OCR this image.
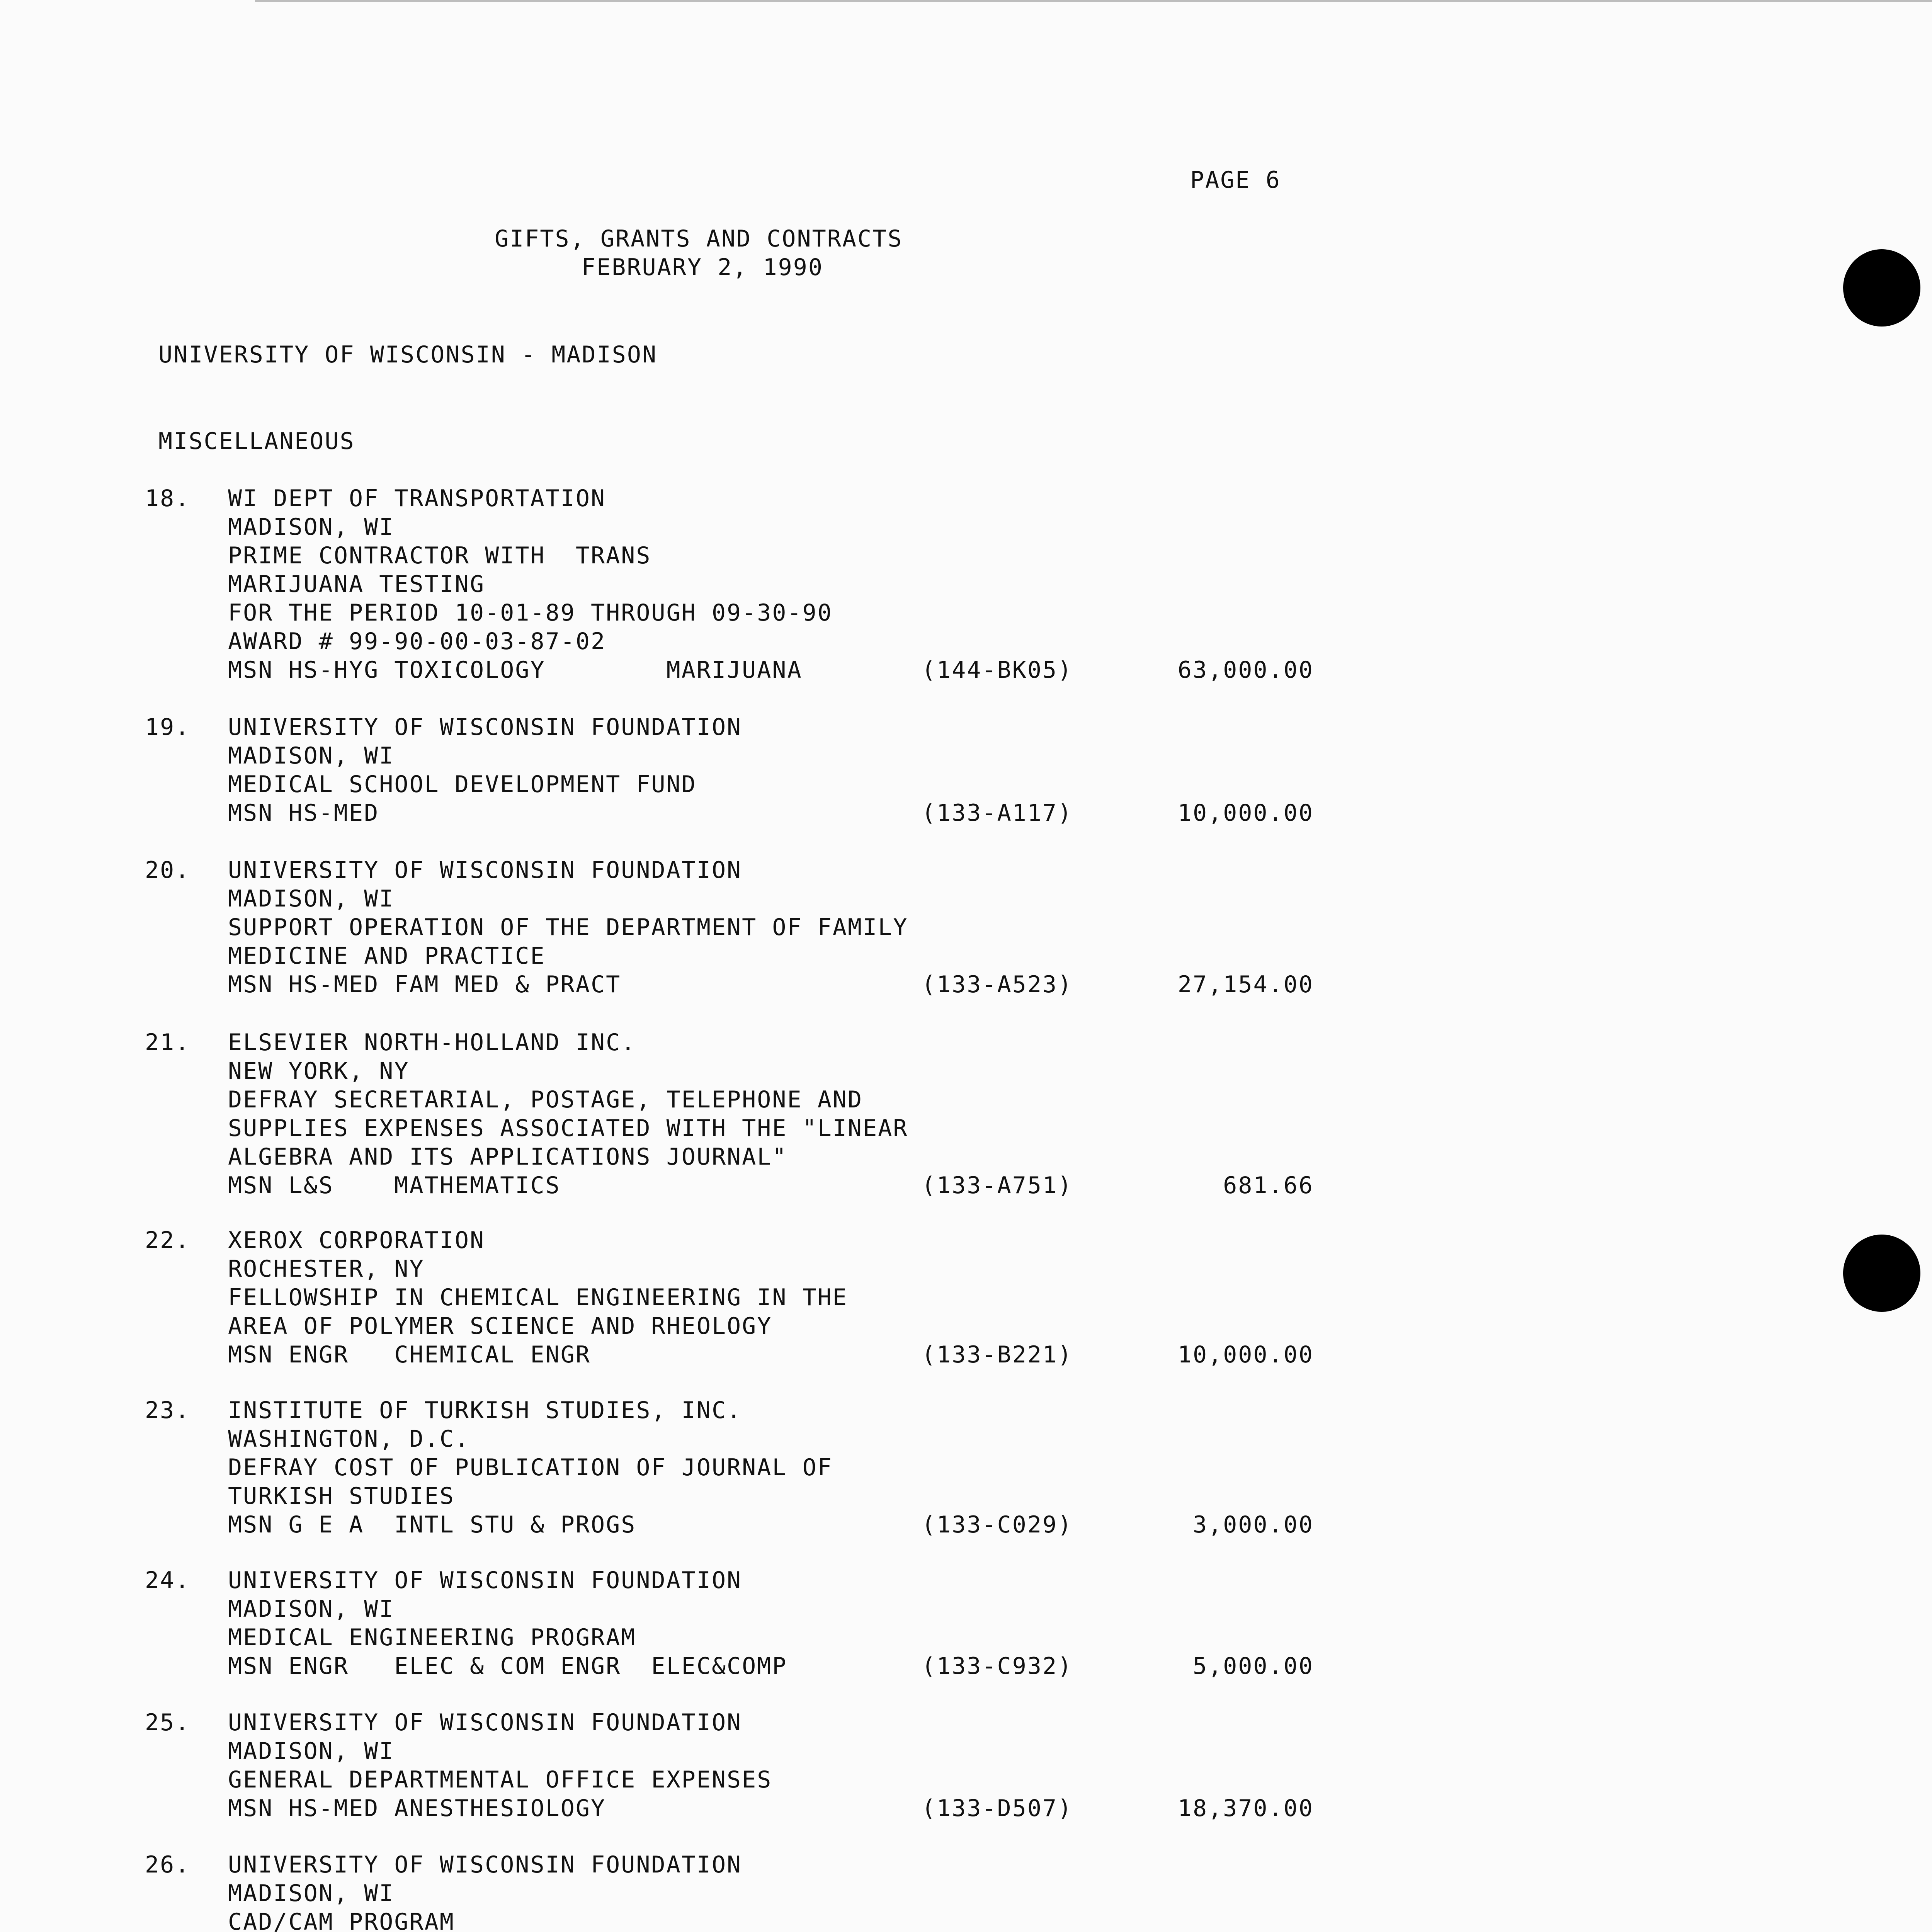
PAGE 6
GIFTS, GRANTS AND CONTRACTS
FEBRUARY 2, 1990
UNIVERSITY OF WISCONSIN - MADISON
MISCELLANEOUS
18. WI DEPT OF TRANSPORTATION
MADISON, WI
PRIME CONTRACTOR WITH  TRANS
MARIJUANA TESTING
FOR THE PERIOD 10-01-89 THROUGH 09-30-90
AWARD # 99-90-00-03-87-02
MSN HS-HYG TOXICOLOGY        MARIJUANA	(144-BK05)	63,000.00
19. UNIVERSITY OF WISCONSIN FOUNDATION
MADISON, WI
MEDICAL SCHOOL DEVELOPMENT FUND
MSN HS-MED	(133-A117)	10,000.00
20. UNIVERSITY OF WISCONSIN FOUNDATION
MADISON, WI
SUPPORT OPERATION OF THE DEPARTMENT OF FAMILY
MEDICINE AND PRACTICE
MSN HS-MED FAM MED & PRACT	(133-A523)	27,154.00
21. ELSEVIER NORTH-HOLLAND INC.
NEW YORK, NY
DEFRAY SECRETARIAL, POSTAGE, TELEPHONE AND
SUPPLIES EXPENSES ASSOCIATED WITH THE "LINEAR
ALGEBRA AND ITS APPLICATIONS JOURNAL"
MSN L&S    MATHEMATICS	(133-A751)	681.66
22. XEROX CORPORATION
ROCHESTER, NY
FELLOWSHIP IN CHEMICAL ENGINEERING IN THE
AREA OF POLYMER SCIENCE AND RHEOLOGY
MSN ENGR   CHEMICAL ENGR	(133-B221)	10,000.00
23. INSTITUTE OF TURKISH STUDIES, INC.
WASHINGTON, D.C.
DEFRAY COST OF PUBLICATION OF JOURNAL OF
TURKISH STUDIES
MSN G E A  INTL STU & PROGS	(133-C029)	3,000.00
24. UNIVERSITY OF WISCONSIN FOUNDATION
MADISON, WI
MEDICAL ENGINEERING PROGRAM
MSN ENGR   ELEC & COM ENGR  ELEC&COMP	(133-C932)	5,000.00
25. UNIVERSITY OF WISCONSIN FOUNDATION
MADISON, WI
GENERAL DEPARTMENTAL OFFICE EXPENSES
MSN HS-MED ANESTHESIOLOGY	(133-D507)	18,370.00
26. UNIVERSITY OF WISCONSIN FOUNDATION
MADISON, WI
CAD/CAM PROGRAM
